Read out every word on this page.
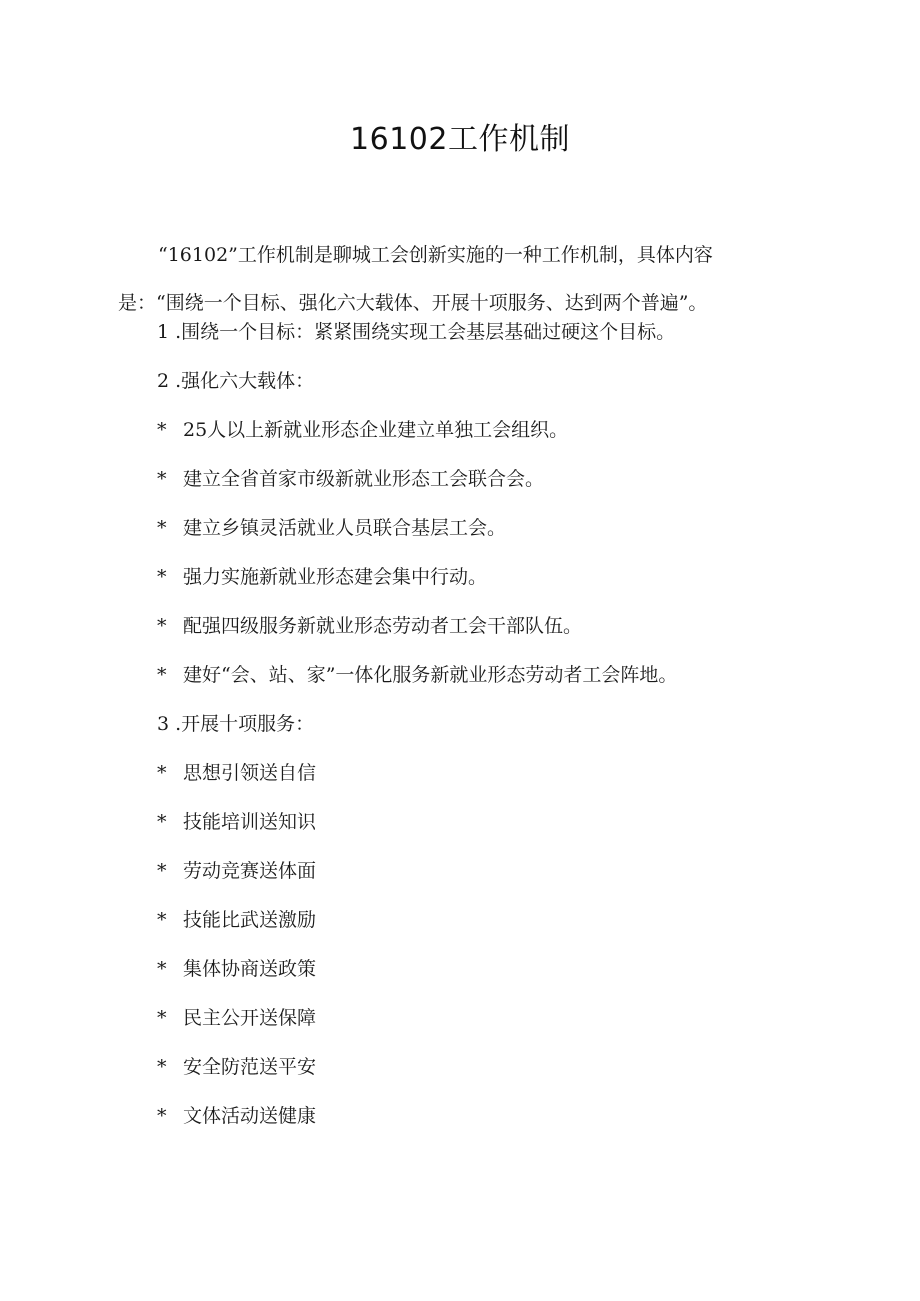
16102工作机制

“16102”工作机制是聊城工会创新实施的一种工作机制，具体内容是：“围绕一个目标、强化六大载体、开展十项服务、达到两个普遍”。

1 .围绕一个目标：紧紧围绕实现工会基层基础过硬这个目标。
2 .强化六大载体：
* 25人以上新就业形态企业建立单独工会组织。
* 建立全省首家市级新就业形态工会联合会。
* 建立乡镇灵活就业人员联合基层工会。
* 强力实施新就业形态建会集中行动。
* 配强四级服务新就业形态劳动者工会干部队伍。
* 建好“会、站、家”一体化服务新就业形态劳动者工会阵地。
3 .开展十项服务：
* 思想引领送自信
* 技能培训送知识
* 劳动竞赛送体面
* 技能比武送激励
* 集体协商送政策
* 民主公开送保障
* 安全防范送平安
* 文体活动送健康
